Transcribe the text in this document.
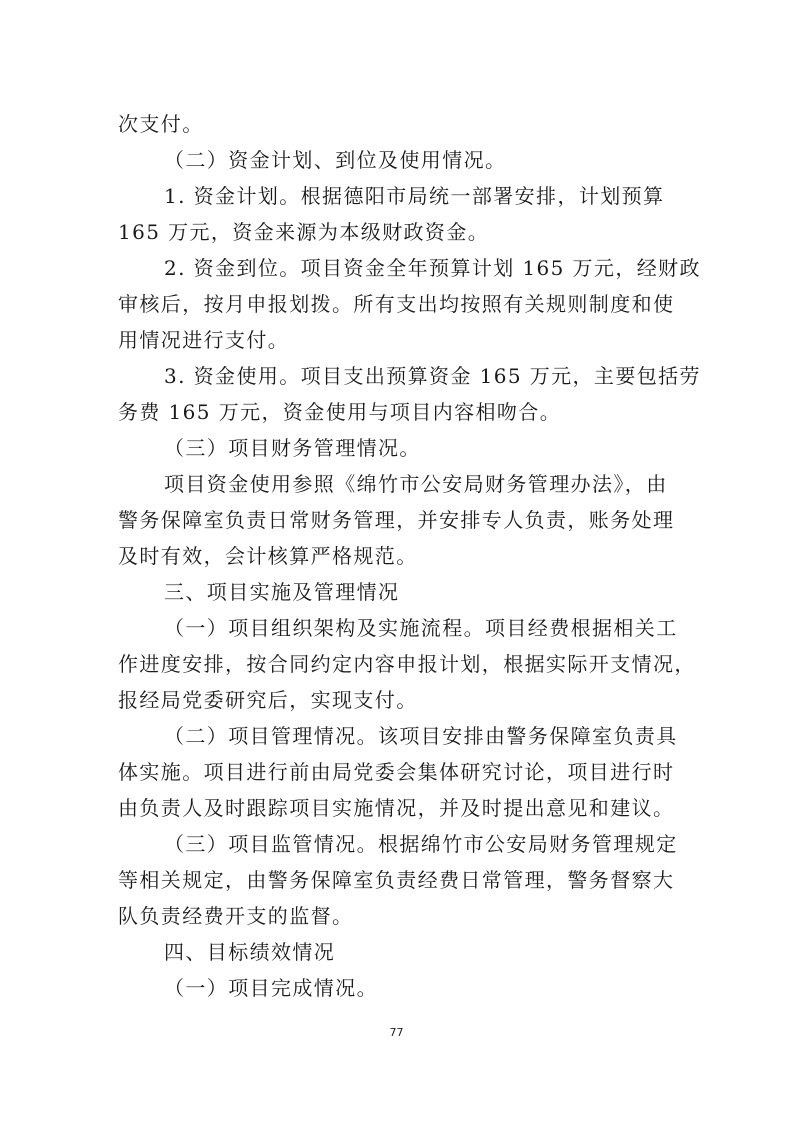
次支付。
（二）资金计划、到位及使用情况。
1. 资金计划。根据德阳市局统一部署安排，计划预算
165 万元，资金来源为本级财政资金。
2. 资金到位。项目资金全年预算计划 165 万元，经财政
审核后，按月申报划拨。所有支出均按照有关规则制度和使
用情况进行支付。
3. 资金使用。项目支出预算资金 165 万元，主要包括劳
务费 165 万元，资金使用与项目内容相吻合。
（三）项目财务管理情况。
项目资金使用参照《绵竹市公安局财务管理办法》，由
警务保障室负责日常财务管理，并安排专人负责，账务处理
及时有效，会计核算严格规范。
三、项目实施及管理情况
（一）项目组织架构及实施流程。项目经费根据相关工
作进度安排，按合同约定内容申报计划，根据实际开支情况，
报经局党委研究后，实现支付。
（二）项目管理情况。该项目安排由警务保障室负责具
体实施。项目进行前由局党委会集体研究讨论，项目进行时
由负责人及时跟踪项目实施情况，并及时提出意见和建议。
（三）项目监管情况。根据绵竹市公安局财务管理规定
等相关规定，由警务保障室负责经费日常管理，警务督察大
队负责经费开支的监督。
四、目标绩效情况
（一）项目完成情况。
77
